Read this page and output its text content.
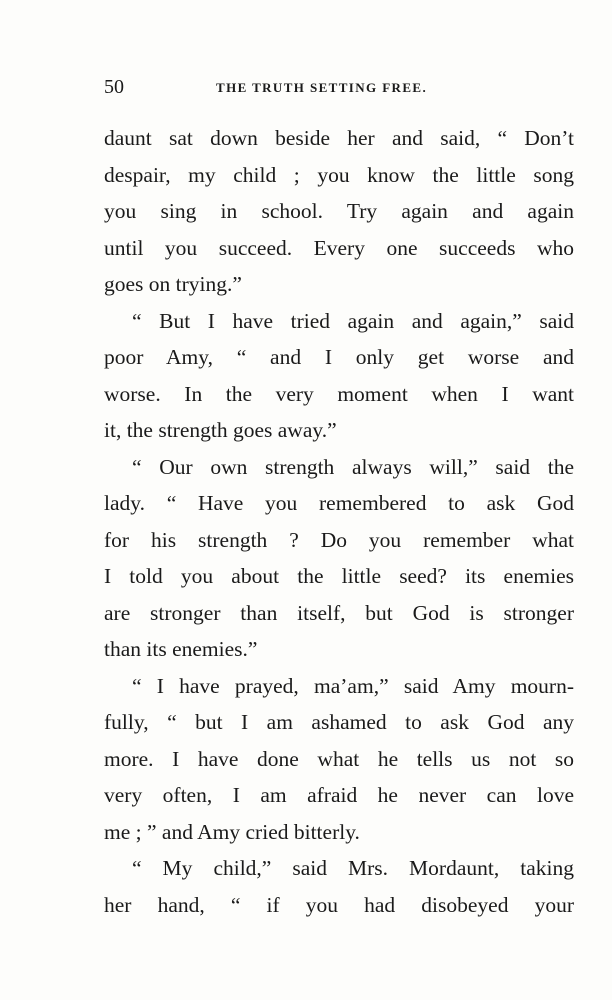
50	THE TRUTH SETTING FREE.
daunt sat down beside her and said, “ Don’t
despair, my child ; you know the little song
you sing in school. Try again and again
until you succeed. Every one succeeds who
goes on trying.”
“ But I have tried again and again,” said
poor Amy, “ and I only get worse and
worse. In the very moment when I want
it, the strength goes away.”
“ Our own strength always will,” said the
lady. “ Have you remembered to ask God
for his strength ? Do you remember what
I told you about the little seed? its enemies
are stronger than itself, but God is stronger
than its enemies.”
“ I have prayed, ma’am,” said Amy mourn-
fully, “ but I am ashamed to ask God any
more. I have done what he tells us not so
very often, I am afraid he never can love
me ; ” and Amy cried bitterly.
“ My child,” said Mrs. Mordaunt, taking
her hand, “ if you had disobeyed your
